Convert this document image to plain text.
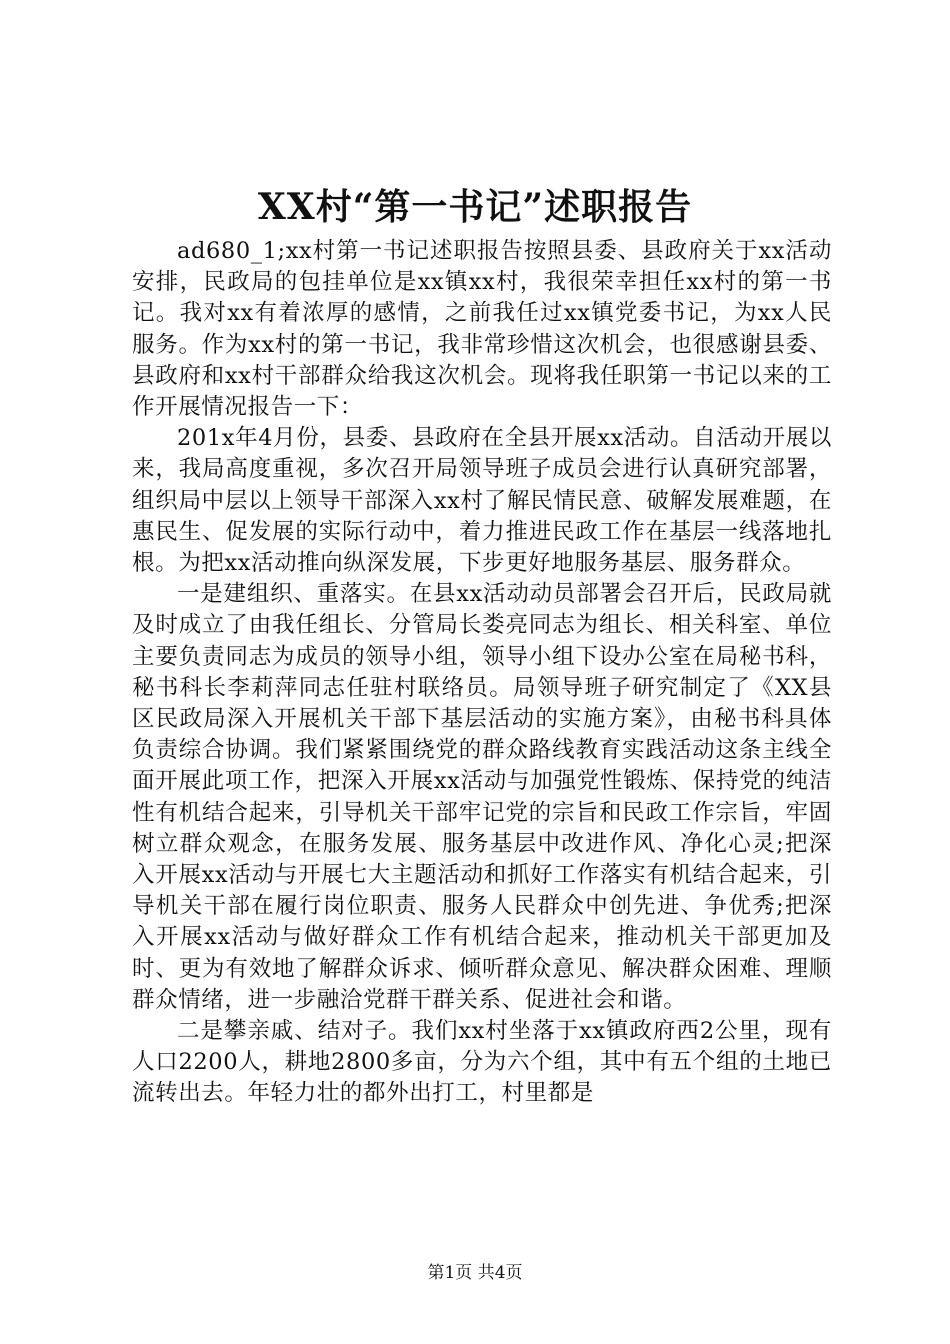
XX村“第一书记”述职报告

ad680_1;xx村第一书记述职报告按照县委、县政府关于xx活动安排，民政局的包挂单位是xx镇xx村，我很荣幸担任xx村的第一书记。我对xx有着浓厚的感情，之前我任过xx镇党委书记，为xx人民服务。作为xx村的第一书记，我非常珍惜这次机会，也很感谢县委、县政府和xx村干部群众给我这次机会。现将我任职第一书记以来的工作开展情况报告一下：

201x年4月份，县委、县政府在全县开展xx活动。自活动开展以来，我局高度重视，多次召开局领导班子成员会进行认真研究部署，组织局中层以上领导干部深入xx村了解民情民意、破解发展难题，在惠民生、促发展的实际行动中，着力推进民政工作在基层一线落地扎根。为把xx活动推向纵深发展，下步更好地服务基层、服务群众。

一是建组织、重落实。在县xx活动动员部署会召开后，民政局就及时成立了由我任组长、分管局长娄亮同志为组长、相关科室、单位主要负责同志为成员的领导小组，领导小组下设办公室在局秘书科，秘书科长李莉萍同志任驻村联络员。局领导班子研究制定了《XX县区民政局深入开展机关干部下基层活动的实施方案》，由秘书科具体负责综合协调。我们紧紧围绕党的群众路线教育实践活动这条主线全面开展此项工作，把深入开展xx活动与加强党性锻炼、保持党的纯洁性有机结合起来，引导机关干部牢记党的宗旨和民政工作宗旨，牢固树立群众观念，在服务发展、服务基层中改进作风、净化心灵;把深入开展xx活动与开展七大主题活动和抓好工作落实有机结合起来，引导机关干部在履行岗位职责、服务人民群众中创先进、争优秀;把深入开展xx活动与做好群众工作有机结合起来，推动机关干部更加及时、更为有效地了解群众诉求、倾听群众意见、解决群众困难、理顺群众情绪，进一步融洽党群干群关系、促进社会和谐。

二是攀亲戚、结对子。我们xx村坐落于xx镇政府西2公里，现有人口2200人，耕地2800多亩，分为六个组，其中有五个组的土地已流转出去。年轻力壮的都外出打工，村里都是

第1页 共4页
